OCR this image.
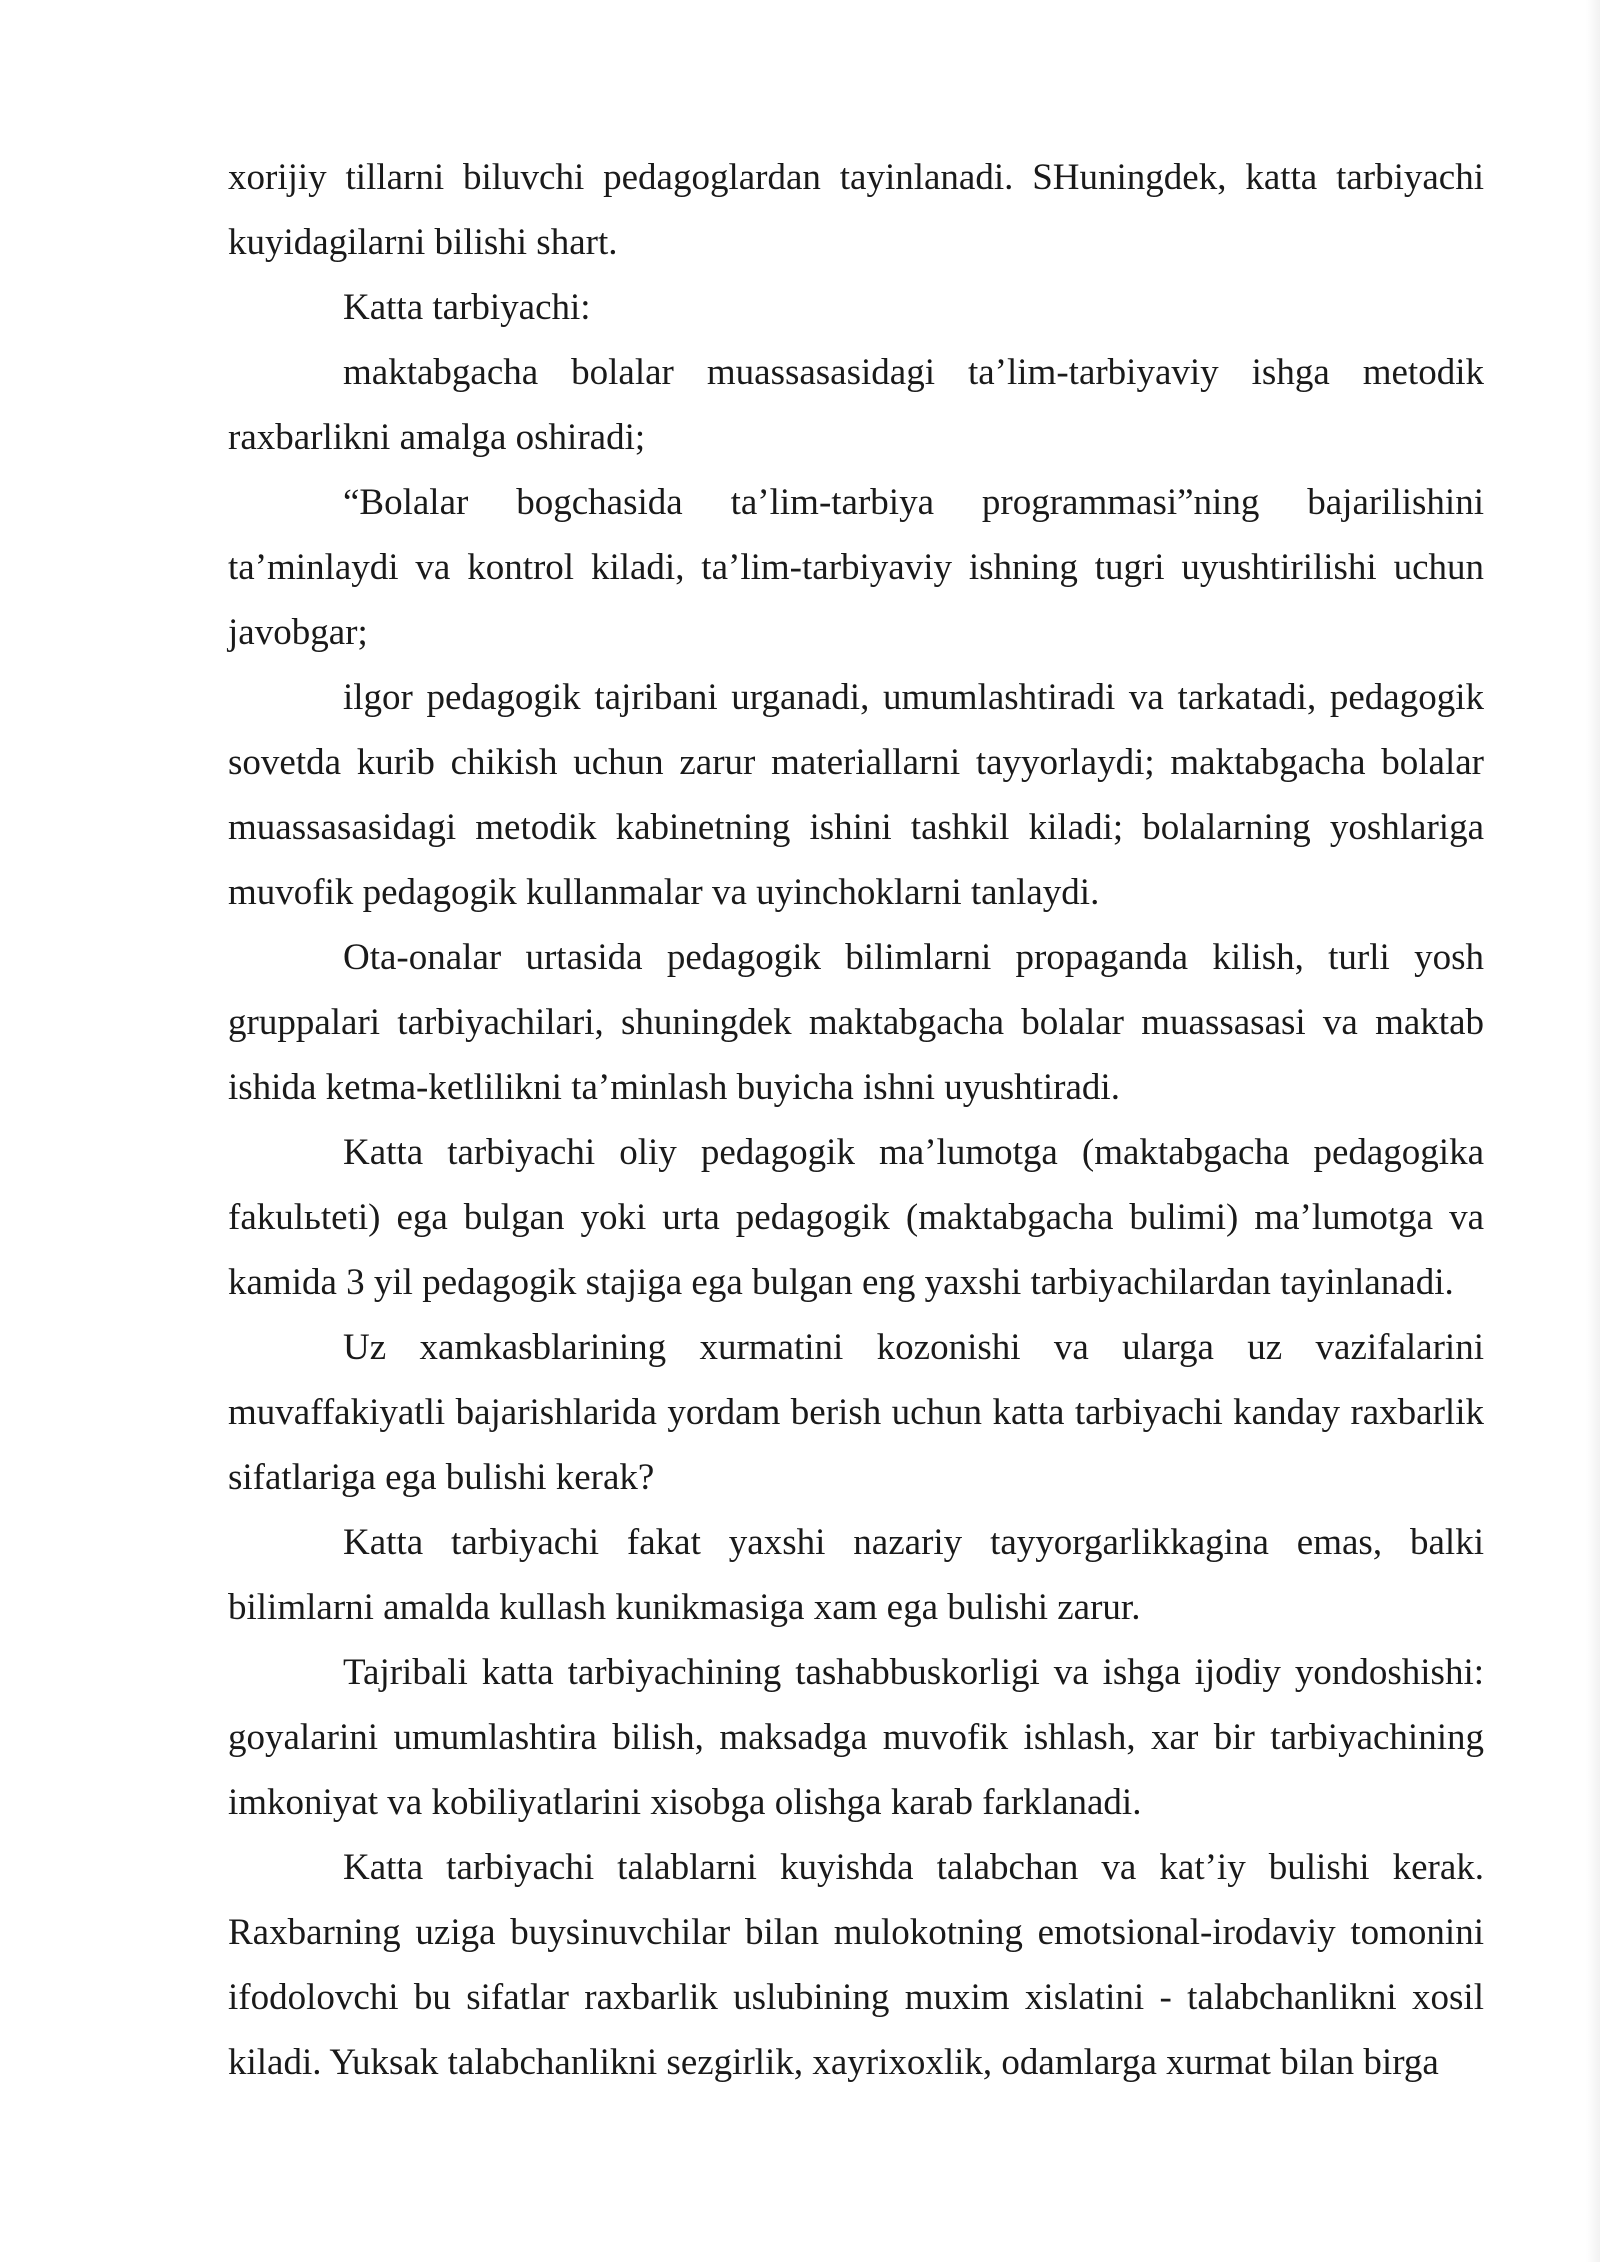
xorijiy tillarni biluvchi pedagoglardan tayinlanadi. SHuningdek, katta tarbiyachi kuyidagilarni bilishi shart.

Katta tarbiyachi:

maktabgacha bolalar muassasasidagi ta’lim-tarbiyaviy ishga metodik raxbarlikni amalga oshiradi;

“Bolalar bogchasida ta’lim-tarbiya programmasi”ning bajarilishini ta’minlaydi va kontrol kiladi, ta’lim-tarbiyaviy ishning tugri uyushtirilishi uchun javobgar;

ilgor pedagogik tajribani urganadi, umumlashtiradi va tarkatadi, pedagogik sovetda kurib chikish uchun zarur materiallarni tayyorlaydi; maktabgacha bolalar muassasasidagi metodik kabinetning ishini tashkil kiladi; bolalarning yoshlariga muvofik pedagogik kullanmalar va uyinchoklarni tanlaydi.

Ota-onalar urtasida pedagogik bilimlarni propaganda kilish, turli yosh gruppalari tarbiyachilari, shuningdek maktabgacha bolalar muassasasi va maktab ishida ketma-ketlilikni ta’minlash buyicha ishni uyushtiradi.

Katta tarbiyachi oliy pedagogik ma’lumotga (maktabgacha pedagogika fakulьteti) ega bulgan yoki urta pedagogik (maktabgacha bulimi) ma’lumotga va kamida 3 yil pedagogik stajiga ega bulgan eng yaxshi tarbiyachilardan tayinlanadi.

Uz xamkasblarining xurmatini kozonishi va ularga uz vazifalarini muvaffakiyatli bajarishlarida yordam berish uchun katta tarbiyachi kanday raxbarlik sifatlariga ega bulishi kerak?

Katta tarbiyachi fakat yaxshi nazariy tayyorgarlikkagina emas, balki bilimlarni amalda kullash kunikmasiga xam ega bulishi zarur.

Tajribali katta tarbiyachining tashabbuskorligi va ishga ijodiy yondoshishi: goyalarini umumlashtira bilish, maksadga muvofik ishlash, xar bir tarbiyachining imkoniyat va kobiliyatlarini xisobga olishga karab farklanadi.

Katta tarbiyachi talablarni kuyishda talabchan va kat’iy bulishi kerak. Raxbarning uziga buysinuvchilar bilan mulokotning emotsional-irodaviy tomonini ifodolovchi bu sifatlar raxbarlik uslubining muxim xislatini - talabchanlikni xosil kiladi. Yuksak talabchanlikni sezgirlik, xayrixoxlik, odamlarga xurmat bilan birga
